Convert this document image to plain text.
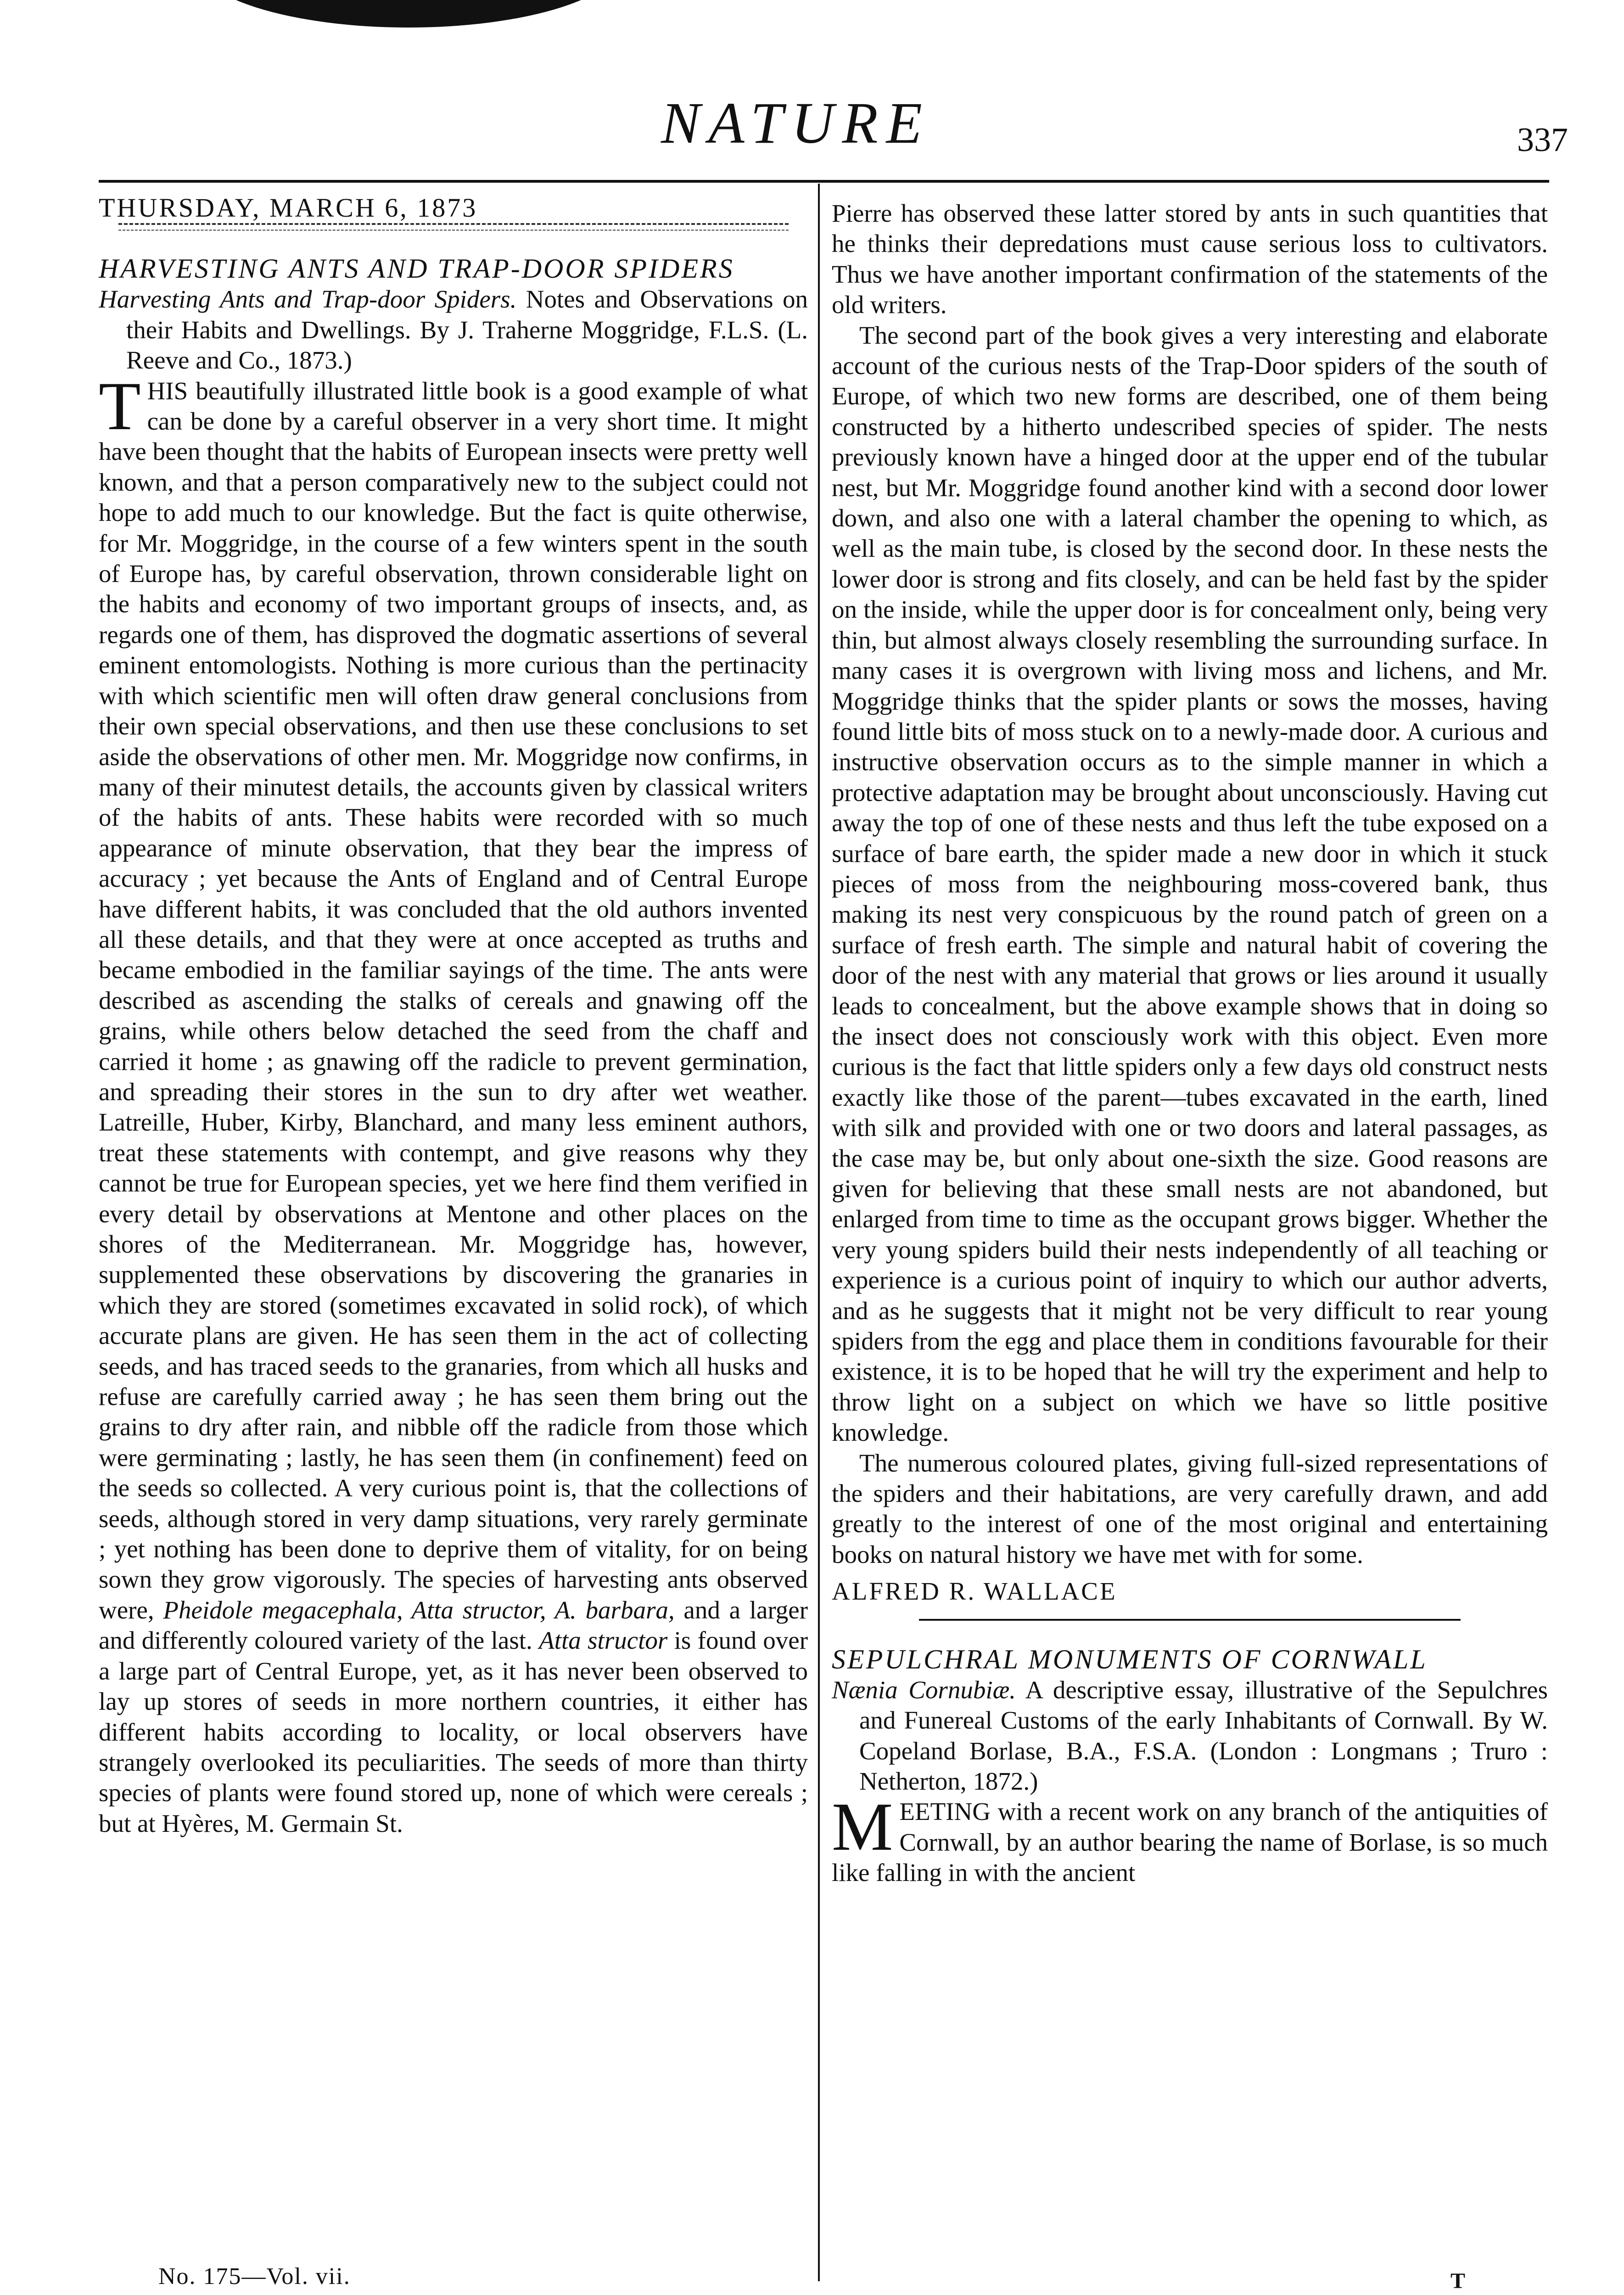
NATURE	337

THURSDAY, MARCH 6, 1873

HARVESTING ANTS AND TRAP-DOOR SPIDERS

Harvesting Ants and Trap-door Spiders. Notes and Observations on their Habits and Dwellings. By J. Traherne Moggridge, F.L.S. (L. Reeve and Co., 1873.)

THIS beautifully illustrated little book is a good example of what can be done by a careful observer in a very short time. It might have been thought that the habits of European insects were pretty well known, and that a person comparatively new to the subject could not hope to add much to our knowledge. But the fact is quite otherwise, for Mr. Moggridge, in the course of a few winters spent in the south of Europe has, by careful observation, thrown considerable light on the habits and economy of two important groups of insects, and, as regards one of them, has disproved the dogmatic assertions of several eminent entomologists. Nothing is more curious than the pertinacity with which scientific men will often draw general conclusions from their own special observations, and then use these conclusions to set aside the observations of other men. Mr. Moggridge now confirms, in many of their minutest details, the accounts given by classical writers of the habits of ants. These habits were recorded with so much appearance of minute observation, that they bear the impress of accuracy ; yet because the Ants of England and of Central Europe have different habits, it was concluded that the old authors invented all these details, and that they were at once accepted as truths and became embodied in the familiar sayings of the time. The ants were described as ascending the stalks of cereals and gnawing off the grains, while others below detached the seed from the chaff and carried it home ; as gnawing off the radicle to prevent germination, and spreading their stores in the sun to dry after wet weather. Latreille, Huber, Kirby, Blanchard, and many less eminent authors, treat these statements with contempt, and give reasons why they cannot be true for European species, yet we here find them verified in every detail by observations at Mentone and other places on the shores of the Mediterranean. Mr. Moggridge has, however, supplemented these observations by discovering the granaries in which they are stored (sometimes excavated in solid rock), of which accurate plans are given. He has seen them in the act of collecting seeds, and has traced seeds to the granaries, from which all husks and refuse are carefully carried away ; he has seen them bring out the grains to dry after rain, and nibble off the radicle from those which were germinating ; lastly, he has seen them (in confinement) feed on the seeds so collected. A very curious point is, that the collections of seeds, although stored in very damp situations, very rarely germinate ; yet nothing has been done to deprive them of vitality, for on being sown they grow vigorously. The species of harvesting ants observed were, Pheidole megacephala, Atta structor, A. barbara, and a larger and differently coloured variety of the last. Atta structor is found over a large part of Central Europe, yet, as it has never been observed to lay up stores of seeds in more northern countries, it either has different habits according to locality, or local observers have strangely overlooked its peculiarities. The seeds of more than thirty species of plants were found stored up, none of which were cereals ; but at Hyères, M. Germain St.

Pierre has observed these latter stored by ants in such quantities that he thinks their depredations must cause serious loss to cultivators. Thus we have another important confirmation of the statements of the old writers.

The second part of the book gives a very interesting and elaborate account of the curious nests of the Trap-Door spiders of the south of Europe, of which two new forms are described, one of them being constructed by a hitherto undescribed species of spider. The nests previously known have a hinged door at the upper end of the tubular nest, but Mr. Moggridge found another kind with a second door lower down, and also one with a lateral chamber the opening to which, as well as the main tube, is closed by the second door. In these nests the lower door is strong and fits closely, and can be held fast by the spider on the inside, while the upper door is for concealment only, being very thin, but almost always closely resembling the surrounding surface. In many cases it is overgrown with living moss and lichens, and Mr. Moggridge thinks that the spider plants or sows the mosses, having found little bits of moss stuck on to a newly-made door. A curious and instructive observation occurs as to the simple manner in which a protective adaptation may be brought about unconsciously. Having cut away the top of one of these nests and thus left the tube exposed on a surface of bare earth, the spider made a new door in which it stuck pieces of moss from the neighbouring moss-covered bank, thus making its nest very conspicuous by the round patch of green on a surface of fresh earth. The simple and natural habit of covering the door of the nest with any material that grows or lies around it usually leads to concealment, but the above example shows that in doing so the insect does not consciously work with this object. Even more curious is the fact that little spiders only a few days old construct nests exactly like those of the parent—tubes excavated in the earth, lined with silk and provided with one or two doors and lateral passages, as the case may be, but only about one-sixth the size. Good reasons are given for believing that these small nests are not abandoned, but enlarged from time to time as the occupant grows bigger. Whether the very young spiders build their nests independently of all teaching or experience is a curious point of inquiry to which our author adverts, and as he suggests that it might not be very difficult to rear young spiders from the egg and place them in conditions favourable for their existence, it is to be hoped that he will try the experiment and help to throw light on a subject on which we have so little positive knowledge.

The numerous coloured plates, giving full-sized representations of the spiders and their habitations, are very carefully drawn, and add greatly to the interest of one of the most original and entertaining books on natural history we have met with for some.

ALFRED R. WALLACE

SEPULCHRAL MONUMENTS OF CORNWALL

Nænia Cornubiæ. A descriptive essay, illustrative of the Sepulchres and Funereal Customs of the early Inhabitants of Cornwall. By W. Copeland Borlase, B.A., F.S.A. (London : Longmans ; Truro : Netherton, 1872.)

MEETING with a recent work on any branch of the antiquities of Cornwall, by an author bearing the name of Borlase, is so much like falling in with the ancient

No. 175—Vol. vii.	T
